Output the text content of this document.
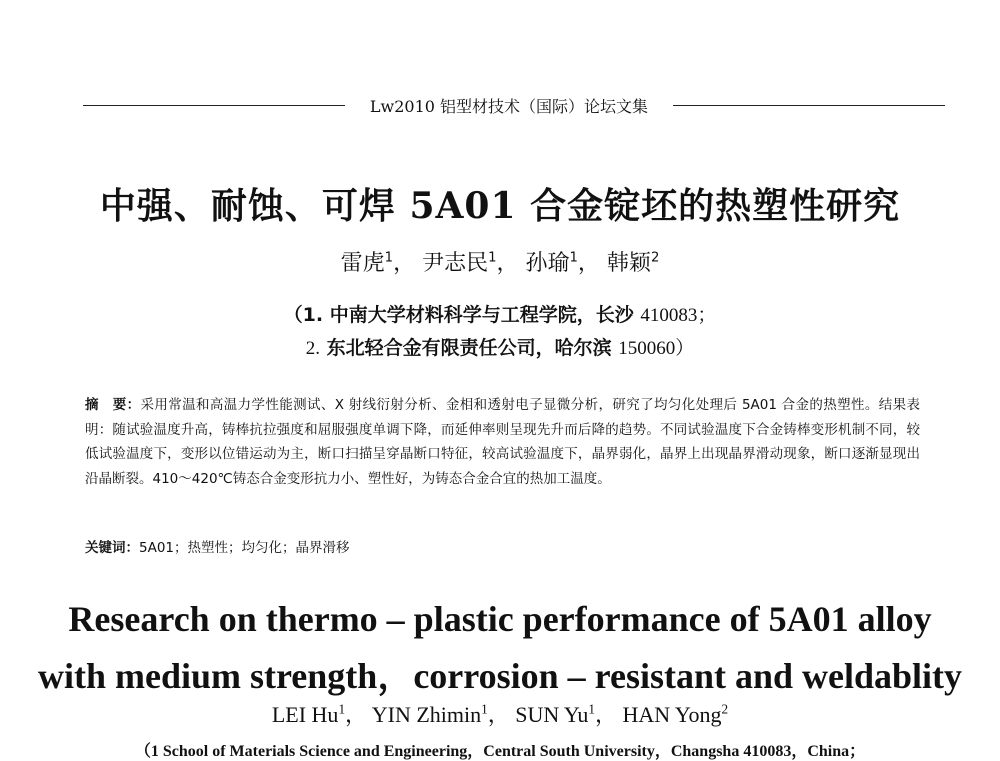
Lw2010 铝型材技术（国际）论坛文集
中强、耐蚀、可焊 5A01 合金锭坯的热塑性研究
雷虎$^1$， 尹志民$^1$， 孙瑜$^1$， 韩颖$^2$
（1. 中南大学材料科学与工程学院，长沙 410083；
2. 东北轻合金有限责任公司，哈尔滨 150060）
摘　要：采用常温和高温力学性能测试、X 射线衍射分析、金相和透射电子显微分析，研究了均匀化处理后 5A01 合金的热塑性。结果表明：随试验温度升高，铸棒抗拉强度和屈服强度单调下降，而延伸率则呈现先升而后降的趋势。不同试验温度下合金铸棒变形机制不同，较低试验温度下，变形以位错运动为主，断口扫描呈穿晶断口特征，较高试验温度下，晶界弱化，晶界上出现晶界滑动现象，断口逐渐显现出沿晶断裂。410～420℃铸态合金变形抗力小、塑性好，为铸态合金合宜的热加工温度。
关键词：5A01；热塑性；均匀化；晶界滑移
Research on thermo – plastic performance of 5A01 alloy
with medium strength，corrosion – resistant and weldablity
LEI Hu$^1$， YIN Zhimin$^1$， SUN Yu$^1$， HAN Yong$^2$
（1 School of Materials Science and Engineering，Central South University，Changsha 410083，China；
